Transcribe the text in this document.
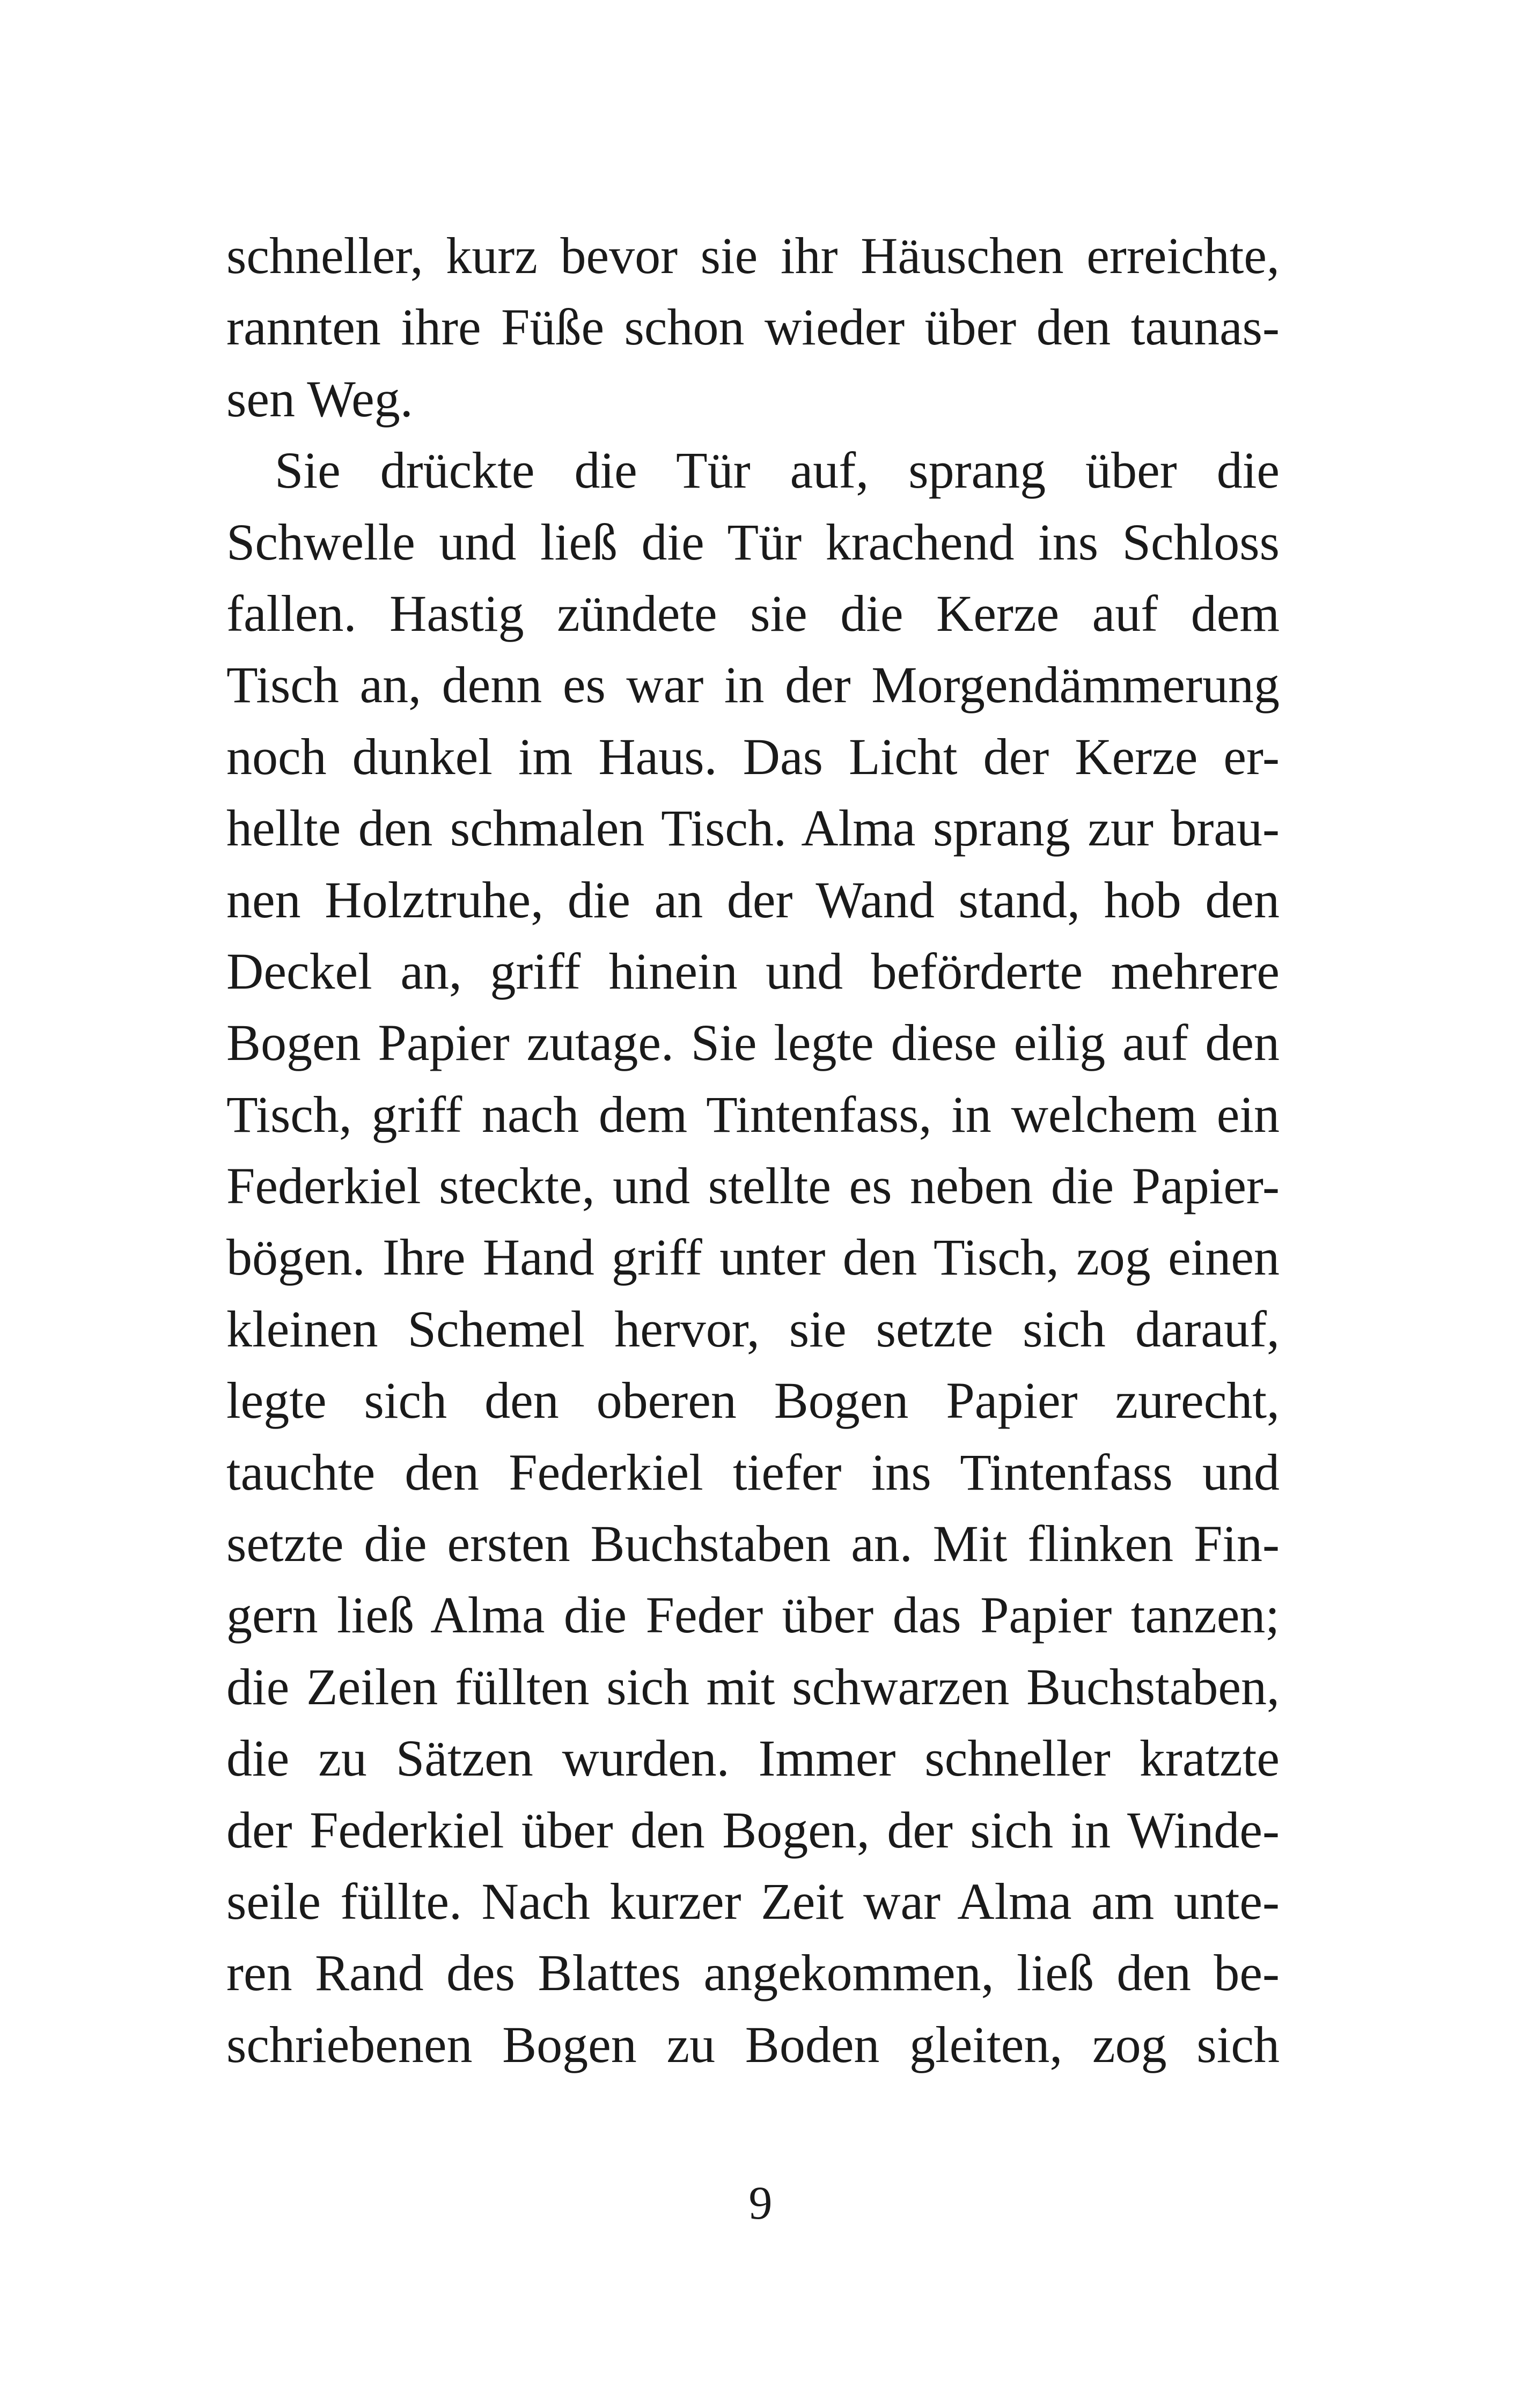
schneller, kurz bevor sie ihr Häuschen erreichte,
rannten ihre Füße schon wieder über den taunas-
sen Weg.
Sie drückte die Tür auf, sprang über die
Schwelle und ließ die Tür krachend ins Schloss
fallen. Hastig zündete sie die Kerze auf dem
Tisch an, denn es war in der Morgendämmerung
noch dunkel im Haus. Das Licht der Kerze er-
hellte den schmalen Tisch. Alma sprang zur brau-
nen Holztruhe, die an der Wand stand, hob den
Deckel an, griff hinein und beförderte mehrere
Bogen Papier zutage. Sie legte diese eilig auf den
Tisch, griff nach dem Tintenfass, in welchem ein
Federkiel steckte, und stellte es neben die Papier-
bögen. Ihre Hand griff unter den Tisch, zog einen
kleinen Schemel hervor, sie setzte sich darauf,
legte sich den oberen Bogen Papier zurecht,
tauchte den Federkiel tiefer ins Tintenfass und
setzte die ersten Buchstaben an. Mit flinken Fin-
gern ließ Alma die Feder über das Papier tanzen;
die Zeilen füllten sich mit schwarzen Buchstaben,
die zu Sätzen wurden. Immer schneller kratzte
der Federkiel über den Bogen, der sich in Winde-
seile füllte. Nach kurzer Zeit war Alma am unte-
ren Rand des Blattes angekommen, ließ den be-
schriebenen Bogen zu Boden gleiten, zog sich
9
